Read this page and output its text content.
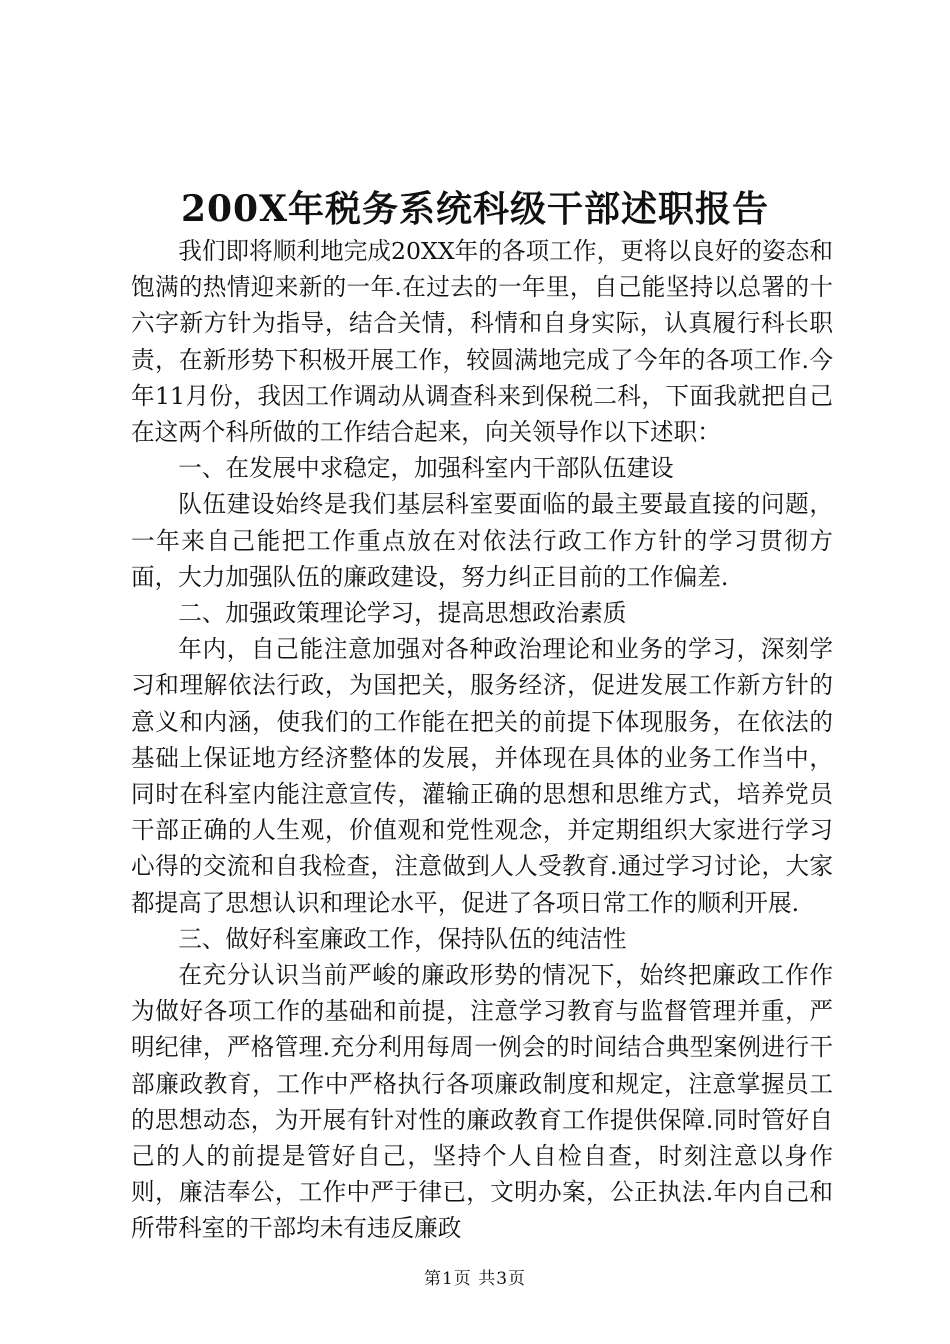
200X年税务系统科级干部述职报告

我们即将顺利地完成20XX年的各项工作，更将以良好的姿态和饱满的热情迎来新的一年.在过去的一年里，自己能坚持以总署的十六字新方针为指导，结合关情，科情和自身实际，认真履行科长职责，在新形势下积极开展工作，较圆满地完成了今年的各项工作.今年11月份，我因工作调动从调查科来到保税二科，下面我就把自己在这两个科所做的工作结合起来，向关领导作以下述职：

一、在发展中求稳定，加强科室内干部队伍建设

队伍建设始终是我们基层科室要面临的最主要最直接的问题，一年来自己能把工作重点放在对依法行政工作方针的学习贯彻方面，大力加强队伍的廉政建设，努力纠正目前的工作偏差.

二、加强政策理论学习，提高思想政治素质

年内，自己能注意加强对各种政治理论和业务的学习，深刻学习和理解依法行政，为国把关，服务经济，促进发展工作新方针的意义和内涵，使我们的工作能在把关的前提下体现服务，在依法的基础上保证地方经济整体的发展，并体现在具体的业务工作当中，同时在科室内能注意宣传，灌输正确的思想和思维方式，培养党员干部正确的人生观，价值观和党性观念，并定期组织大家进行学习心得的交流和自我检查，注意做到人人受教育.通过学习讨论，大家都提高了思想认识和理论水平，促进了各项日常工作的顺利开展.

三、做好科室廉政工作，保持队伍的纯洁性

在充分认识当前严峻的廉政形势的情况下，始终把廉政工作作为做好各项工作的基础和前提，注意学习教育与监督管理并重，严明纪律，严格管理.充分利用每周一例会的时间结合典型案例进行干部廉政教育，工作中严格执行各项廉政制度和规定，注意掌握员工的思想动态，为开展有针对性的廉政教育工作提供保障.同时管好自己的人的前提是管好自己，坚持个人自检自查，时刻注意以身作则，廉洁奉公，工作中严于律已，文明办案，公正执法.年内自己和所带科室的干部均未有违反廉政

第1页 共3页
